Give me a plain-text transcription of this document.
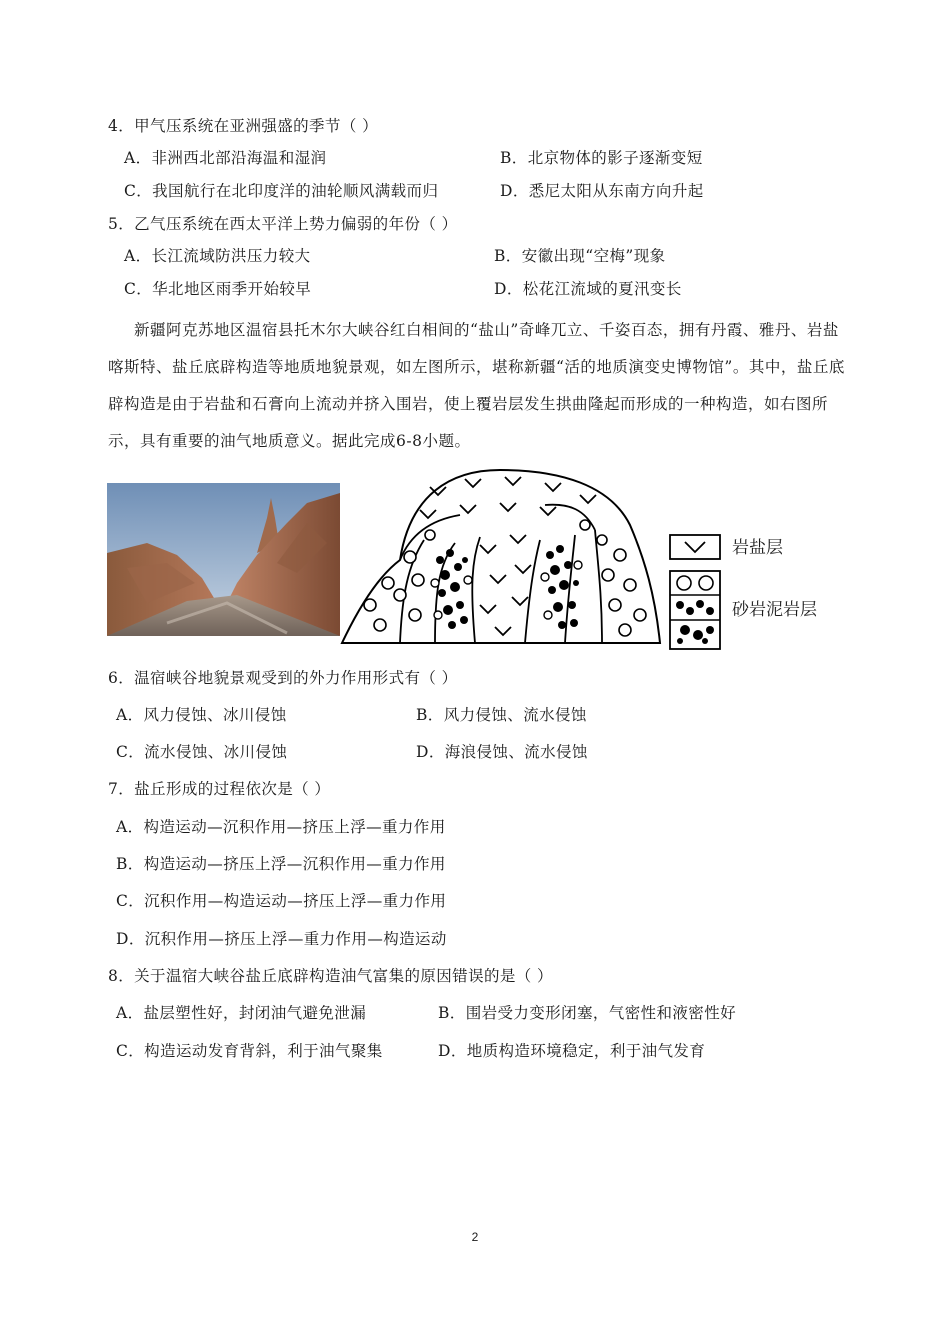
4．甲气压系统在亚洲强盛的季节（ ）
A．非洲西北部沿海温和湿润	B．北京物体的影子逐渐变短
C．我国航行在北印度洋的油轮顺风满载而归	D．悉尼太阳从东南方向升起
5．乙气压系统在西太平洋上势力偏弱的年份（ ）
A．长江流域防洪压力较大	B．安徽出现“空梅”现象
C．华北地区雨季开始较早	D．松花江流域的夏汛变长
新疆阿克苏地区温宿县托木尔大峡谷红白相间的“盐山”奇峰兀立、千姿百态，拥有丹霞、雅丹、岩盐喀斯特、盐丘底辟构造等地质地貌景观，如左图所示，堪称新疆“活的地质演变史博物馆”。其中，盐丘底辟构造是由于岩盐和石膏向上流动并挤入围岩，使上覆岩层发生拱曲隆起而形成的一种构造，如右图所示，具有重要的油气地质意义。据此完成6-8小题。
岩盐层
砂岩泥岩层
6．温宿峡谷地貌景观受到的外力作用形式有（ ）
A．风力侵蚀、冰川侵蚀	B．风力侵蚀、流水侵蚀
C．流水侵蚀、冰川侵蚀	D．海浪侵蚀、流水侵蚀
7．盐丘形成的过程依次是（ ）
A．构造运动—沉积作用—挤压上浮—重力作用
B．构造运动—挤压上浮—沉积作用—重力作用
C．沉积作用—构造运动—挤压上浮—重力作用
D．沉积作用—挤压上浮—重力作用—构造运动
8．关于温宿大峡谷盐丘底辟构造油气富集的原因错误的是（ ）
A．盐层塑性好，封闭油气避免泄漏	B．围岩受力变形闭塞，气密性和液密性好
C．构造运动发育背斜，利于油气聚集	D．地质构造环境稳定，利于油气发育
2
